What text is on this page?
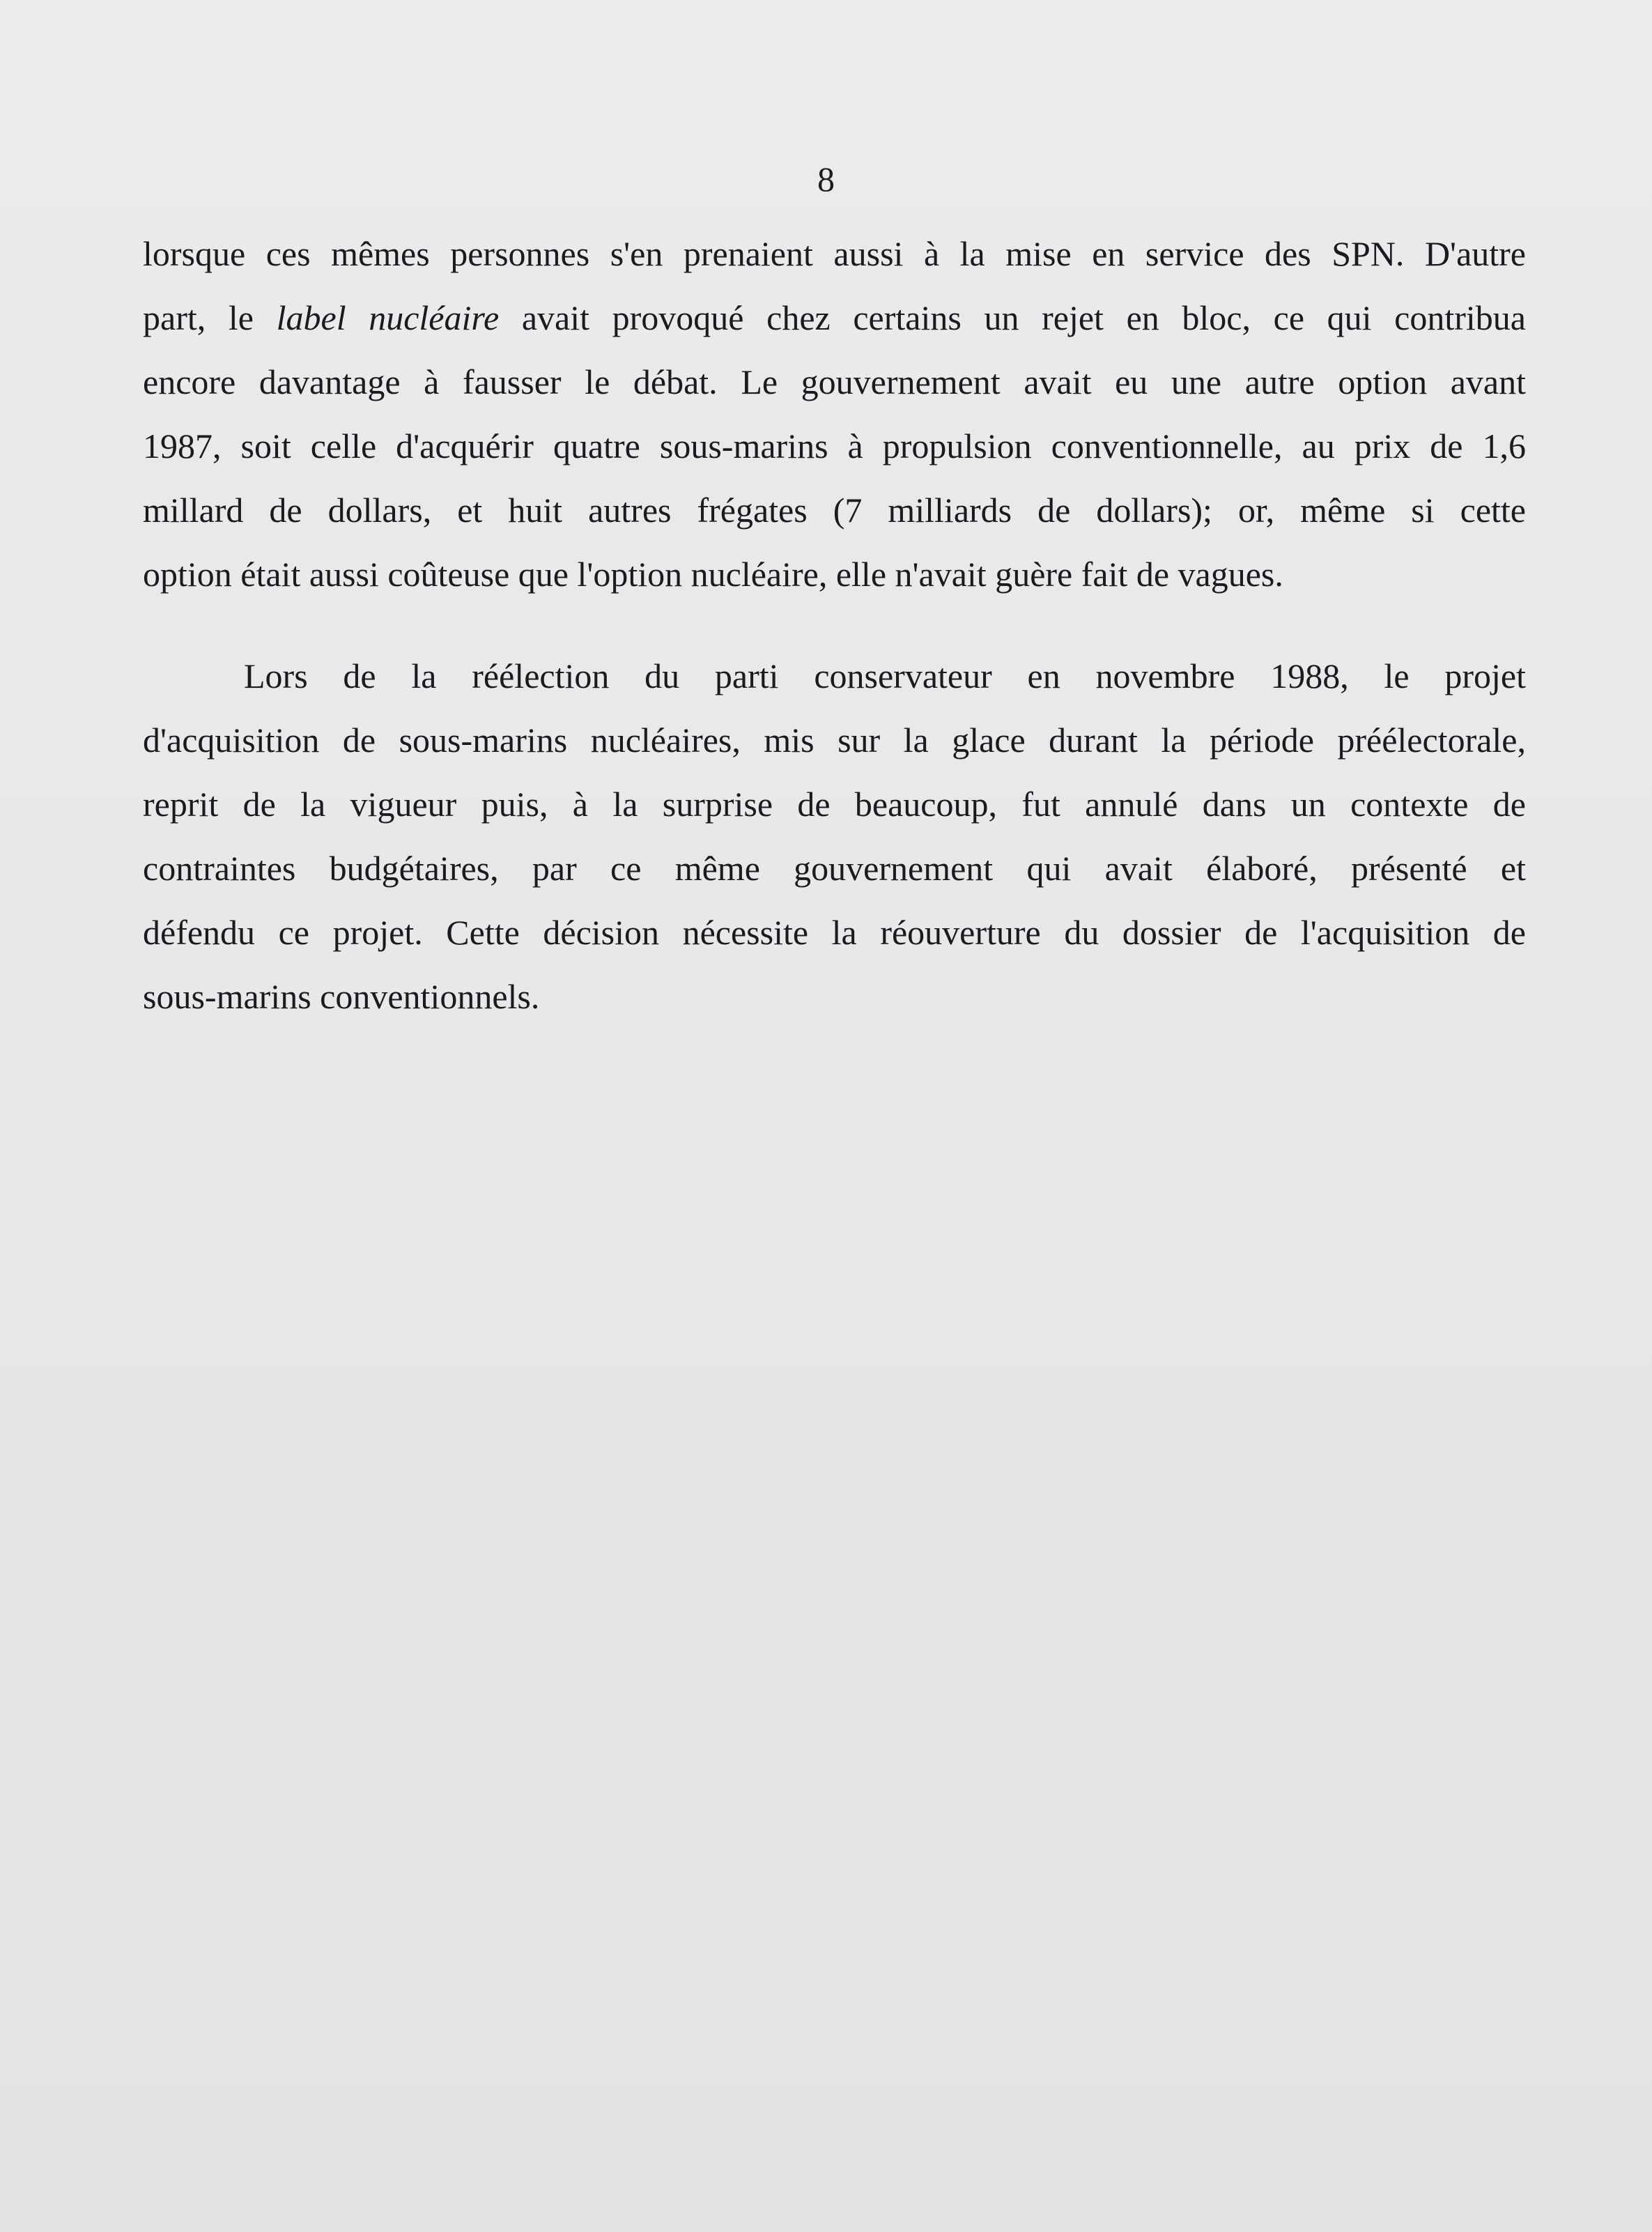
8
lorsque ces mêmes personnes s'en prenaient aussi à la mise en service des SPN. D'autre
part, le label nucléaire avait provoqué chez certains un rejet en bloc, ce qui contribua
encore davantage à fausser le débat. Le gouvernement avait eu une autre option avant
1987, soit celle d'acquérir quatre sous-marins à propulsion conventionnelle, au prix de 1,6
millard de dollars, et huit autres frégates (7 milliards de dollars); or, même si cette
option était aussi coûteuse que l'option nucléaire, elle n'avait guère fait de vagues.
Lors de la réélection du parti conservateur en novembre 1988, le projet
d'acquisition de sous-marins nucléaires, mis sur la glace durant la période préélectorale,
reprit de la vigueur puis, à la surprise de beaucoup, fut annulé dans un contexte de
contraintes budgétaires, par ce même gouvernement qui avait élaboré, présenté et
défendu ce projet. Cette décision nécessite la réouverture du dossier de l'acquisition de
sous-marins conventionnels.
